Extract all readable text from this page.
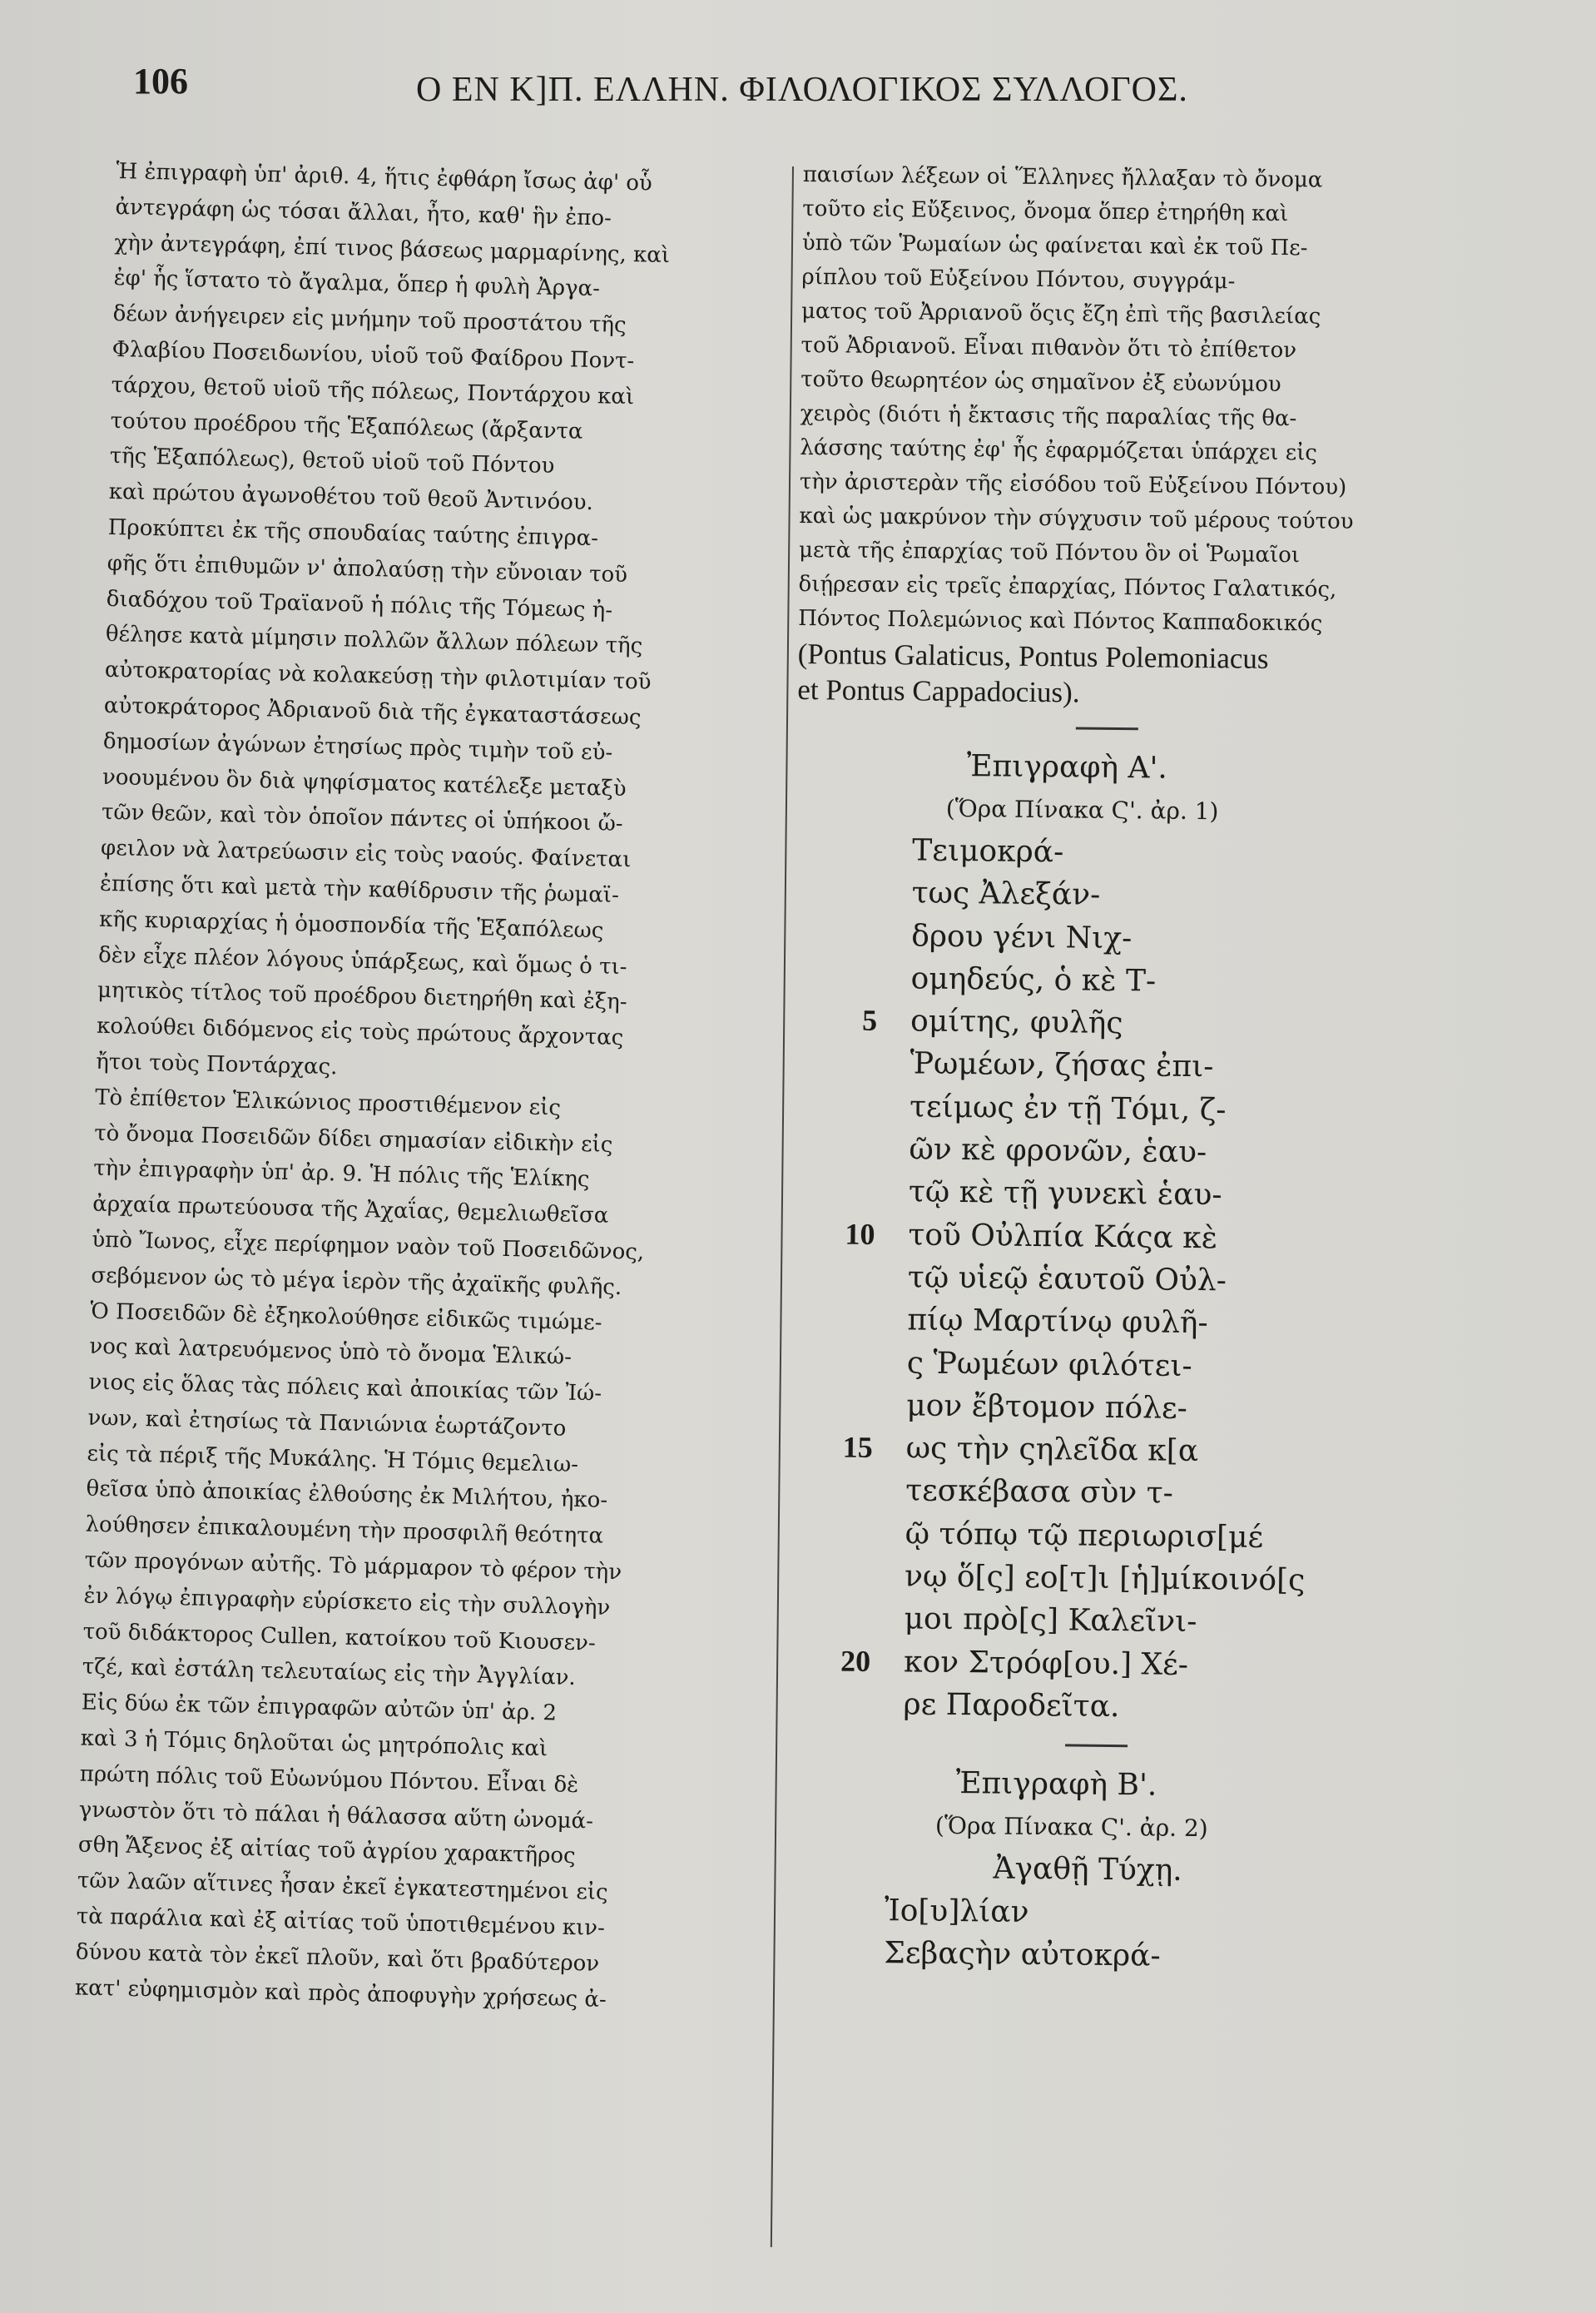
106	Ο ΕΝ Κ]Π. ΕΛΛΗΝ. ΦΙΛΟΛΟΓΙΚΟΣ ΣΥΛΛΟΓΟΣ.
Ἡ ἐπιγραφὴ ὑπ' ἀριθ. 4, ἥτις ἐφθάρη ἴσως ἀφ' οὗ
ἀντεγράφη ὡς τόσαι ἄλλαι, ἦτο, καθ' ἣν ἐπο-
χὴν ἀντεγράφη, ἐπί τινος βάσεως μαρμαρίνης, καὶ
ἐφ' ἧς ἵστατο τὸ ἄγαλμα, ὅπερ ἡ φυλὴ Ἀργα-
δέων ἀνήγειρεν εἰς μνήμην τοῦ προστάτου τῆς
Φλαβίου Ποσειδωνίου, υἱοῦ τοῦ Φαίδρου Ποντ-
τάρχου, θετοῦ υἱοῦ τῆς πόλεως, Ποντάρχου καὶ
τούτου προέδρου τῆς Ἑξαπόλεως (ἄρξαντα
τῆς Ἑξαπόλεως), θετοῦ υἱοῦ τοῦ Πόντου
καὶ πρώτου ἀγωνοθέτου τοῦ θεοῦ Ἀντινόου.
Προκύπτει ἐκ τῆς σπουδαίας ταύτης ἐπιγρα-
φῆς ὅτι ἐπιθυμῶν ν' ἀπολαύσῃ τὴν εὔνοιαν τοῦ
διαδόχου τοῦ Τραϊανοῦ ἡ πόλις τῆς Τόμεως ἠ-
θέλησε κατὰ μίμησιν πολλῶν ἄλλων πόλεων τῆς
αὐτοκρατορίας νὰ κολακεύσῃ τὴν φιλοτιμίαν τοῦ
αὐτοκράτορος Ἀδριανοῦ διὰ τῆς ἐγκαταστάσεως
δημοσίων ἀγώνων ἐτησίως πρὸς τιμὴν τοῦ εὐ-
νοουμένου ὃν διὰ ψηφίσματος κατέλεξε μεταξὺ
τῶν θεῶν, καὶ τὸν ὁποῖον πάντες οἱ ὑπήκοοι ὤ-
φειλον νὰ λατρεύωσιν εἰς τοὺς ναούς. Φαίνεται
ἐπίσης ὅτι καὶ μετὰ τὴν καθίδρυσιν τῆς ῥωμαϊ-
κῆς κυριαρχίας ἡ ὁμοσπονδία τῆς Ἑξαπόλεως
δὲν εἶχε πλέον λόγους ὑπάρξεως, καὶ ὅμως ὁ τι-
μητικὸς τίτλος τοῦ προέδρου διετηρήθη καὶ ἐξη-
κολούθει διδόμενος εἰς τοὺς πρώτους ἄρχοντας
ἤτοι τοὺς Ποντάρχας.
Τὸ ἐπίθετον Ἑλικώνιος προστιθέμενον εἰς
τὸ ὄνομα Ποσειδῶν δίδει σημασίαν εἰδικὴν εἰς
τὴν ἐπιγραφὴν ὑπ' ἀρ. 9. Ἡ πόλις τῆς Ἑλίκης
ἀρχαία πρωτεύουσα τῆς Ἀχαΐας, θεμελιωθεῖσα
ὑπὸ Ἴωνος, εἶχε περίφημον ναὸν τοῦ Ποσειδῶνος,
σεβόμενον ὡς τὸ μέγα ἱερὸν τῆς ἀχαϊκῆς φυλῆς.
Ὁ Ποσειδῶν δὲ ἐξηκολούθησε εἰδικῶς τιμώμε-
νος καὶ λατρευόμενος ὑπὸ τὸ ὄνομα Ἑλικώ-
νιος εἰς ὅλας τὰς πόλεις καὶ ἀποικίας τῶν Ἰώ-
νων, καὶ ἐτησίως τὰ Πανιώνια ἑωρτάζοντο
εἰς τὰ πέριξ τῆς Μυκάλης. Ἡ Τόμις θεμελιω-
θεῖσα ὑπὸ ἀποικίας ἐλθούσης ἐκ Μιλήτου, ἠκο-
λούθησεν ἐπικαλουμένη τὴν προσφιλῆ θεότητα
τῶν προγόνων αὐτῆς. Τὸ μάρμαρον τὸ φέρον τὴν
ἐν λόγῳ ἐπιγραφὴν εὑρίσκετο εἰς τὴν συλλογὴν
τοῦ διδάκτορος Cullen, κατοίκου τοῦ Κιουσεν-
τζέ, καὶ ἐστάλη τελευταίως εἰς τὴν Ἀγγλίαν.
Εἰς δύω ἐκ τῶν ἐπιγραφῶν αὐτῶν ὑπ' ἀρ. 2
καὶ 3 ἡ Τόμις δηλοῦται ὡς μητρόπολις καὶ
πρώτη πόλις τοῦ Εὐωνύμου Πόντου. Εἶναι δὲ
γνωστὸν ὅτι τὸ πάλαι ἡ θάλασσα αὕτη ὠνομά-
σθη Ἄξενος ἐξ αἰτίας τοῦ ἀγρίου χαρακτῆρος
τῶν λαῶν αἵτινες ἦσαν ἐκεῖ ἐγκατεστημένοι εἰς
τὰ παράλια καὶ ἐξ αἰτίας τοῦ ὑποτιθεμένου κιν-
δύνου κατὰ τὸν ἐκεῖ πλοῦν, καὶ ὅτι βραδύτερον
κατ' εὐφημισμὸν καὶ πρὸς ἀποφυγὴν χρήσεως ἀ-
παισίων λέξεων οἱ Ἕλληνες ἤλλαξαν τὸ ὄνομα
τοῦτο εἰς Εὔξεινος, ὄνομα ὅπερ ἐτηρήθη καὶ
ὑπὸ τῶν Ῥωμαίων ὡς φαίνεται καὶ ἐκ τοῦ Πε-
ρίπλου τοῦ Εὐξείνου Πόντου, συγγράμ-
ματος τοῦ Ἀρριανοῦ ὅςις ἔζη ἐπὶ τῆς βασιλείας
τοῦ Ἀδριανοῦ. Εἶναι πιθανὸν ὅτι τὸ ἐπίθετον
τοῦτο θεωρητέον ὡς σημαῖνον ἐξ εὐωνύμου
χειρὸς (διότι ἡ ἔκτασις τῆς παραλίας τῆς θα-
λάσσης ταύτης ἐφ' ἧς ἐφαρμόζεται ὑπάρχει εἰς
τὴν ἀριστερὰν τῆς εἰσόδου τοῦ Εὐξείνου Πόντου)
καὶ ὡς μακρύνον τὴν σύγχυσιν τοῦ μέρους τούτου
μετὰ τῆς ἐπαρχίας τοῦ Πόντου ὃν οἱ Ῥωμαῖοι
διῄρεσαν εἰς τρεῖς ἐπαρχίας, Πόντος Γαλατικός,
Πόντος Πολεμώνιος καὶ Πόντος Καππαδοκικός
(Pontus Galaticus, Pontus Polemoniacus
et Pontus Cappadocius).
Ἐπιγραφὴ Α'.
(Ὅρα Πίνακα Ϛ'. ἀρ. 1)
Τειμοκρά-
τως Ἀλεξάν-
δρου γένι Νιχ-
ομηδεύς, ὁ κὲ Τ-
5 ομίτης, φυλῆς
Ῥωμέων, ζήσας ἐπι-
τείμως ἐν τῇ Τόμι, ζ-
ῶν κὲ φρονῶν, ἑαυ-
τῷ κὲ τῇ γυνεκὶ ἑαυ-
10 τοῦ Οὐλπία Κάςα κὲ
τῷ υἱεῷ ἑαυτοῦ Οὐλ-
πίῳ Μαρτίνῳ φυλῆ-
ς Ῥωμέων φιλότει-
μον ἔβτομον πόλε-
15 ως τὴν ςηλεῖδα κ[α
τεσκέβασα σὺν τ-
ῷ τόπῳ τῷ περιωρισ[μέ
νῳ ὅ[ς] εο[τ]ι [ἡ]μίκοινό[ς
μοι πρὸ[ς] Καλεῖνι-
20 κον Στρόφ[ου.] Χέ-
ρε Παροδεῖτα.
Ἐπιγραφὴ Β'.
(Ὅρα Πίνακα Ϛ'. ἀρ. 2)
Ἀγαθῇ Τύχῃ.
Ἰο[υ]λίαν
Σεβαςὴν αὐτοκρά-
